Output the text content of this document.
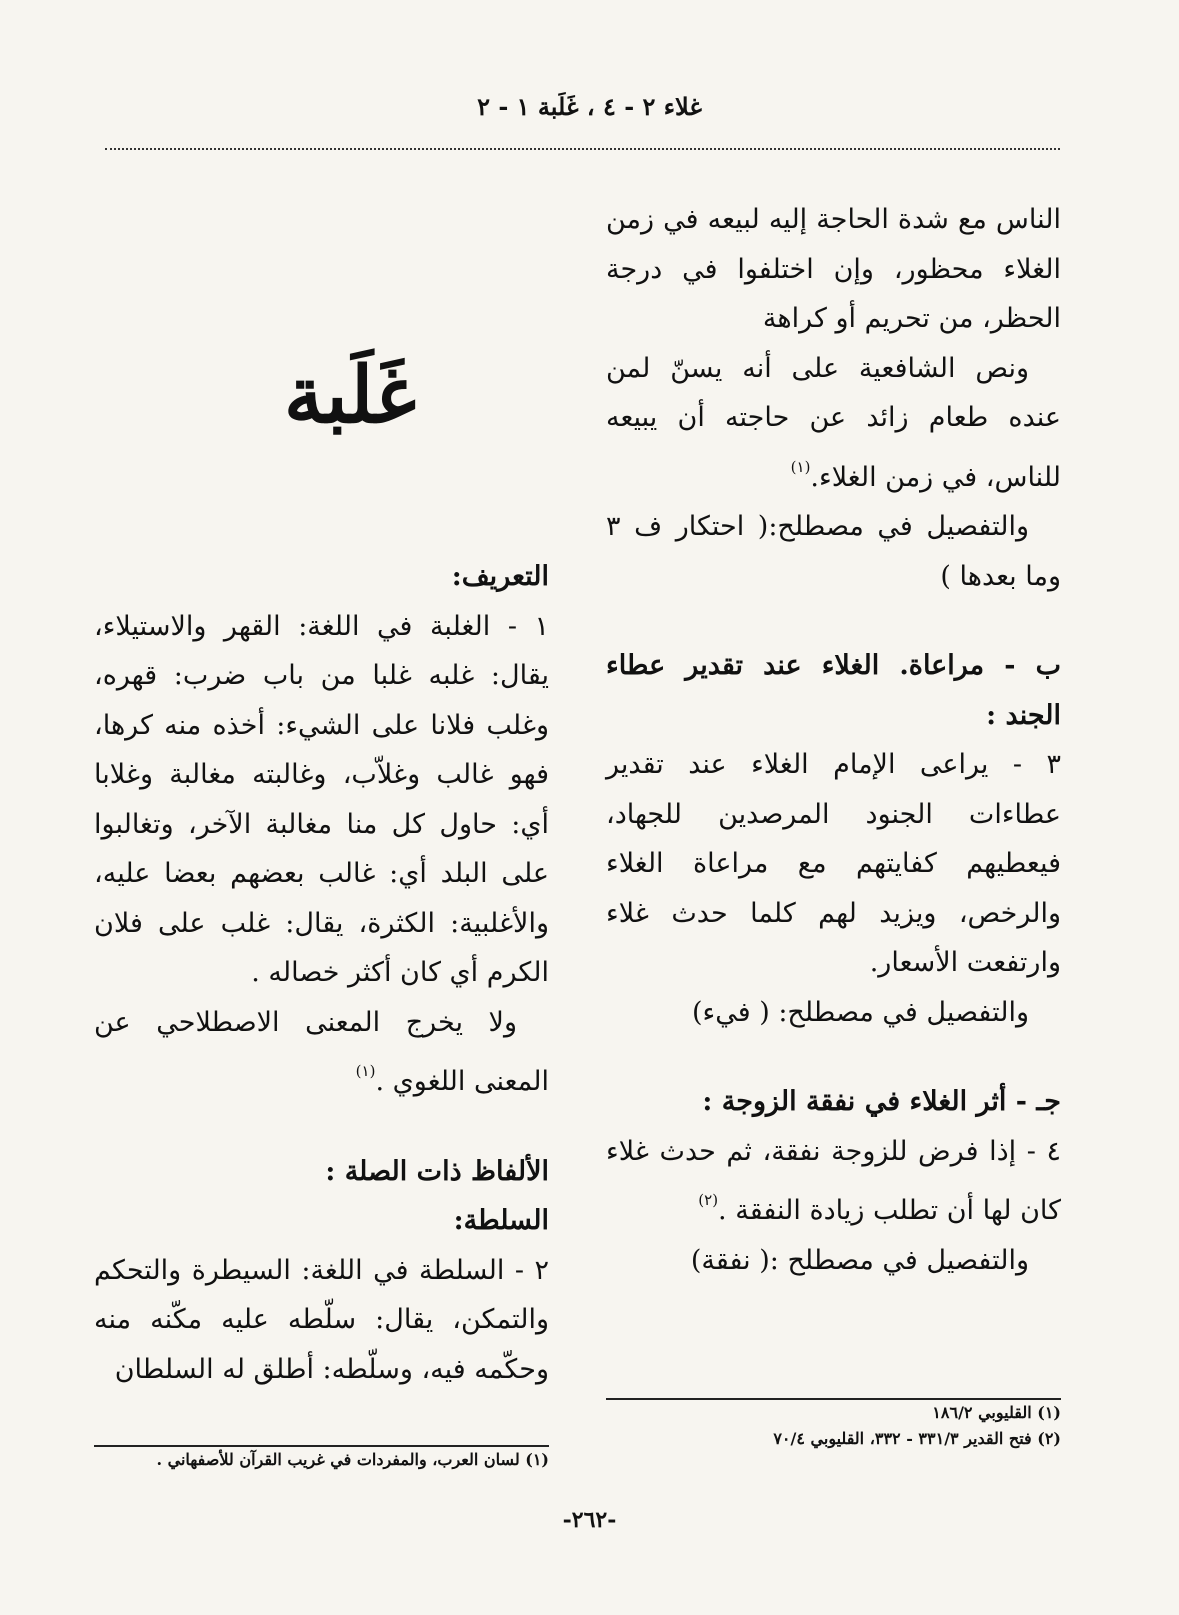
غلاء ٢ - ٤ ، غَلَبة ١ - ٢

الناس مع شدة الحاجة إليه لبيعه في زمن الغلاء محظور، وإن اختلفوا في درجة الحظر، من تحريم أو كراهة

ونص الشافعية على أنه يسنّ لمن عنده طعام زائد عن حاجته أن يبيعه للناس، في زمن الغلاء.$^{(١)}$

والتفصيل في مصطلح:( احتكار ف ٣ وما بعدها )

ب - مراعاة. الغلاء عند تقدير عطاء الجند :

٣ - يراعى الإمام الغلاء عند تقدير عطاءات الجنود المرصدين للجهاد، فيعطيهم كفايتهم مع مراعاة الغلاء والرخص، ويزيد لهم كلما حدث غلاء وارتفعت الأسعار.

والتفصيل في مصطلح: ( فيء)

جـ - أثر الغلاء في نفقة الزوجة :

٤ - إذا فرض للزوجة نفقة، ثم حدث غلاء كان لها أن تطلب زيادة النفقة .$^{(٢)}$

والتفصيل في مصطلح :( نفقة)

غَلَبة

التعريف:

١ - الغلبة في اللغة: القهر والاستيلاء، يقال: غلبه غلبا من باب ضرب: قهره، وغلب فلانا على الشيء: أخذه منه كرها، فهو غالب وغلاّب، وغالبته مغالبة وغلابا أي: حاول كل منا مغالبة الآخر، وتغالبوا على البلد أي: غالب بعضهم بعضا عليه، والأغلبية: الكثرة، يقال: غلب على فلان الكرم أي كان أكثر خصاله .

ولا يخرج المعنى الاصطلاحي عن المعنى اللغوي .$^{(١)}$

الألفاظ ذات الصلة :

السلطة:

٢ - السلطة في اللغة: السيطرة والتحكم والتمكن، يقال: سلّطه عليه مكّنه منه وحكّمه فيه، وسلّطه: أطلق له السلطان

(١) القليوبي ١٨٦/٢

(٢) فتح القدير ٣٣١/٣ - ٣٣٢، القليوبي ٧٠/٤

(١) لسان العرب، والمفردات في غريب القرآن للأصفهاني .

-٢٦٢-
